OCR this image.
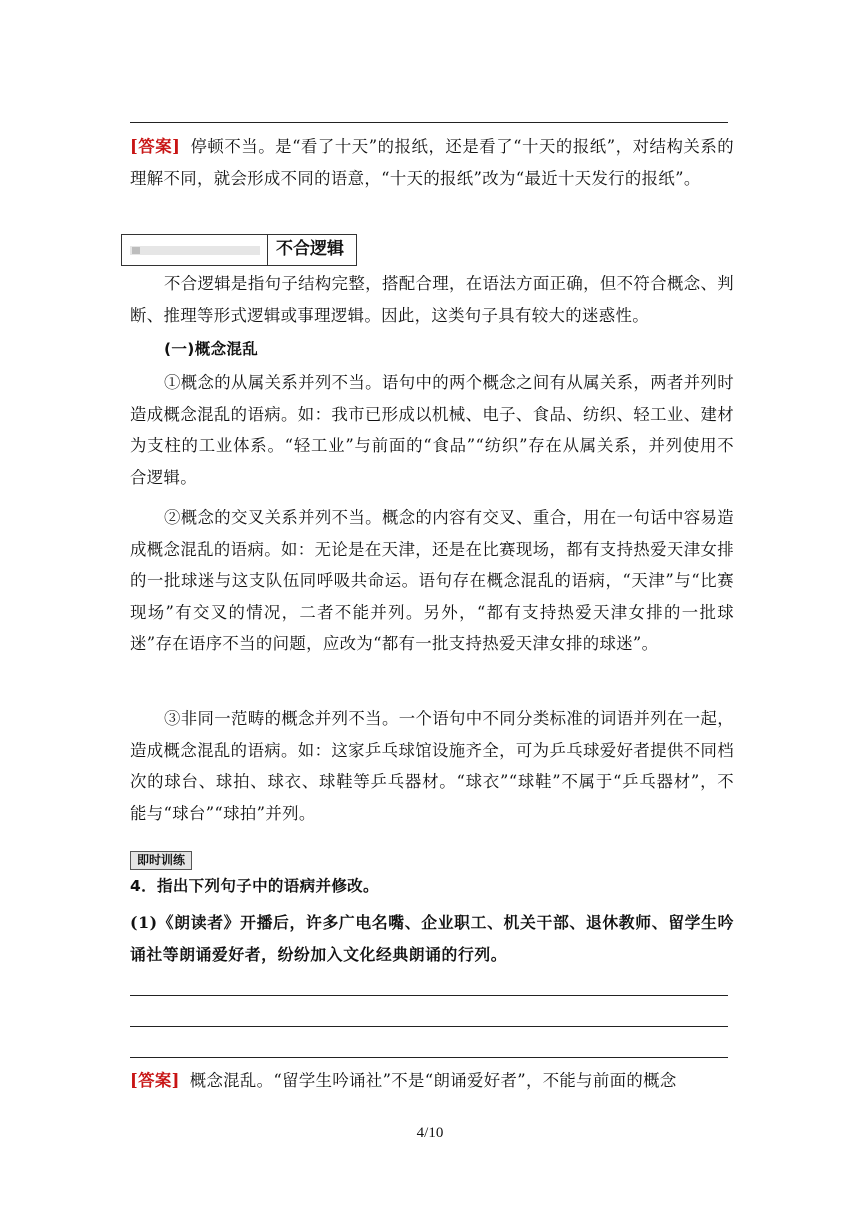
[答案] 停顿不当。是“看了十天”的报纸，还是看了“十天的报纸”，对结构关系的理解不同，就会形成不同的语意，“十天的报纸”改为“最近十天发行的报纸”。

不合逻辑

不合逻辑是指句子结构完整，搭配合理，在语法方面正确，但不符合概念、判断、推理等形式逻辑或事理逻辑。因此，这类句子具有较大的迷惑性。

(一)概念混乱

①概念的从属关系并列不当。语句中的两个概念之间有从属关系，两者并列时造成概念混乱的语病。如：我市已形成以机械、电子、食品、纺织、轻工业、建材为支柱的工业体系。“轻工业”与前面的“食品”“纺织”存在从属关系，并列使用不合逻辑。

②概念的交叉关系并列不当。概念的内容有交叉、重合，用在一句话中容易造成概念混乱的语病。如：无论是在天津，还是在比赛现场，都有支持热爱天津女排的一批球迷与这支队伍同呼吸共命运。语句存在概念混乱的语病，“天津”与“比赛现场”有交叉的情况，二者不能并列。另外，“都有支持热爱天津女排的一批球迷”存在语序不当的问题，应改为“都有一批支持热爱天津女排的球迷”。

③非同一范畴的概念并列不当。一个语句中不同分类标准的词语并列在一起，造成概念混乱的语病。如：这家乒乓球馆设施齐全，可为乒乓球爱好者提供不同档次的球台、球拍、球衣、球鞋等乒乓器材。“球衣”“球鞋”不属于“乒乓器材”，不能与“球台”“球拍”并列。

即时训练

4．指出下列句子中的语病并修改。

(1)《朗读者》开播后，许多广电名嘴、企业职工、机关干部、退休教师、留学生吟诵社等朗诵爱好者，纷纷加入文化经典朗诵的行列。

[答案] 概念混乱。“留学生吟诵社”不是“朗诵爱好者”，不能与前面的概念

4/10
